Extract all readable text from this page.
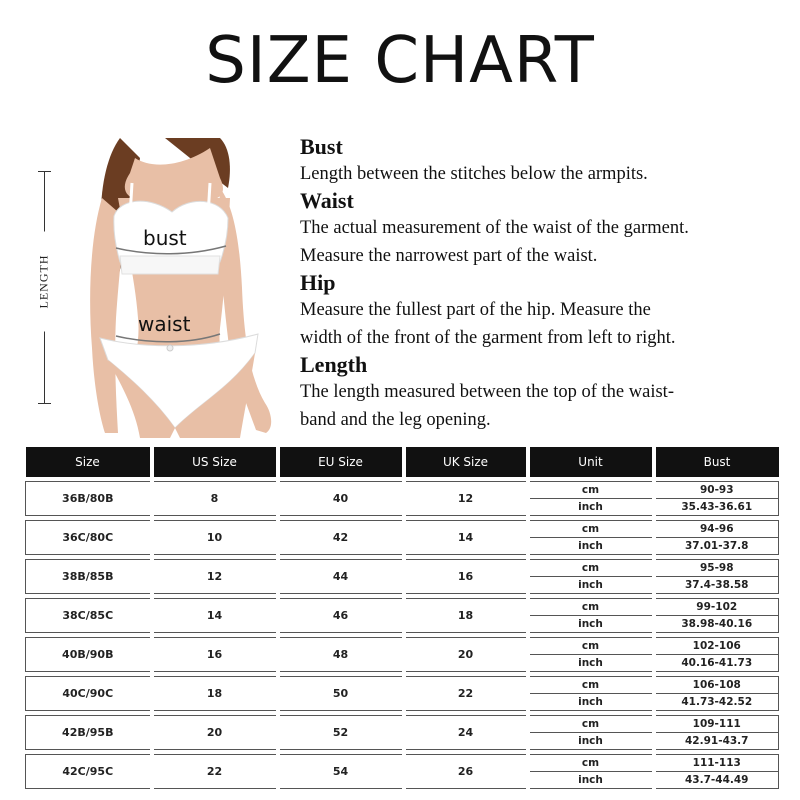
SIZE CHART
LENGTH
bust
waist
Bust
Length between the stitches below the armpits.
Waist
The actual measurement of the waist of the garment.
Measure the narrowest part of the waist.
Hip
Measure the fullest part of the hip. Measure the
width of the front of the garment from left to right.
Length
The length measured between the top of the waist-
band and the leg opening.
Size	US Size	EU Size	UK Size	Unit	Bust

36B/80B	8	40	12	cm	90-93
				inch	35.43-36.61

36C/80C	10	42	14	cm	94-96
				inch	37.01-37.8

38B/85B	12	44	16	cm	95-98
				inch	37.4-38.58

38C/85C	14	46	18	cm	99-102
				inch	38.98-40.16

40B/90B	16	48	20	cm	102-106
				inch	40.16-41.73

40C/90C	18	50	22	cm	106-108
				inch	41.73-42.52

42B/95B	20	52	24	cm	109-111
				inch	42.91-43.7

42C/95C	22	54	26	cm	111-113
				inch	43.7-44.49
